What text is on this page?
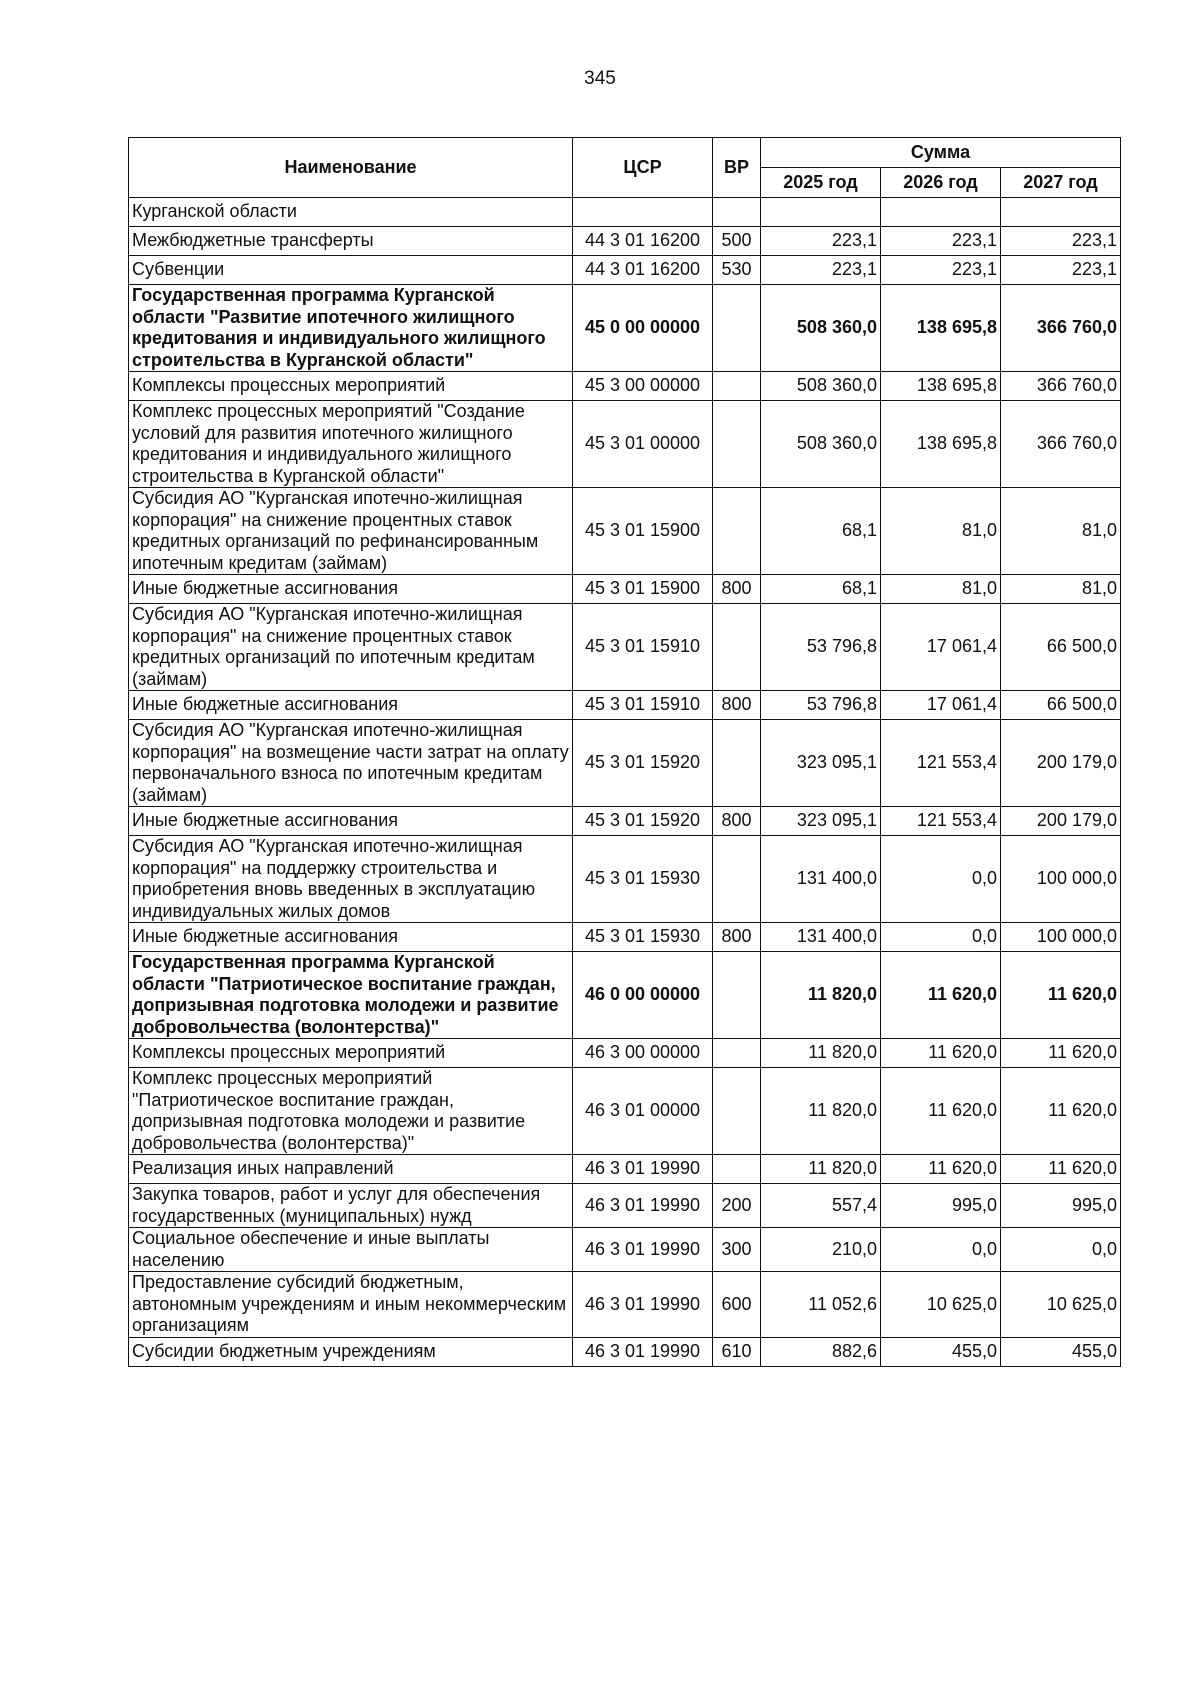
345
Наименование	ЦСР	ВР	Сумма		
			2025 год	2026 год	2027 год
Курганской области					
Межбюджетные трансферты	44 3 01 16200	500	223,1	223,1	223,1
Субвенции	44 3 01 16200	530	223,1	223,1	223,1
Государственная программа Курганской области "Развитие ипотечного жилищного кредитования и индивидуального жилищного строительства в Курганской области"	45 0 00 00000		508 360,0	138 695,8	366 760,0
Комплексы процессных мероприятий	45 3 00 00000		508 360,0	138 695,8	366 760,0
Комплекс процессных мероприятий "Создание условий для развития ипотечного жилищного кредитования и индивидуального жилищного строительства в Курганской области"	45 3 01 00000		508 360,0	138 695,8	366 760,0
Субсидия АО "Курганская ипотечно-жилищная корпорация" на снижение процентных ставок кредитных организаций по рефинансированным ипотечным кредитам (займам)	45 3 01 15900		68,1	81,0	81,0
Иные бюджетные ассигнования	45 3 01 15900	800	68,1	81,0	81,0
Субсидия АО "Курганская ипотечно-жилищная корпорация" на снижение процентных ставок кредитных организаций по ипотечным кредитам (займам)	45 3 01 15910		53 796,8	17 061,4	66 500,0
Иные бюджетные ассигнования	45 3 01 15910	800	53 796,8	17 061,4	66 500,0
Субсидия АО "Курганская ипотечно-жилищная корпорация" на возмещение части затрат на оплату первоначального взноса по ипотечным кредитам (займам)	45 3 01 15920		323 095,1	121 553,4	200 179,0
Иные бюджетные ассигнования	45 3 01 15920	800	323 095,1	121 553,4	200 179,0
Субсидия АО "Курганская ипотечно-жилищная корпорация" на поддержку строительства и приобретения вновь введенных в эксплуатацию индивидуальных жилых домов	45 3 01 15930		131 400,0	0,0	100 000,0
Иные бюджетные ассигнования	45 3 01 15930	800	131 400,0	0,0	100 000,0
Государственная программа Курганской области "Патриотическое воспитание граждан, допризывная подготовка молодежи и развитие добровольчества (волонтерства)"	46 0 00 00000		11 820,0	11 620,0	11 620,0
Комплексы процессных мероприятий	46 3 00 00000		11 820,0	11 620,0	11 620,0
Комплекс процессных мероприятий "Патриотическое воспитание граждан, допризывная подготовка молодежи и развитие добровольчества (волонтерства)"	46 3 01 00000		11 820,0	11 620,0	11 620,0
Реализация иных направлений	46 3 01 19990		11 820,0	11 620,0	11 620,0
Закупка товаров, работ и услуг для обеспечения государственных (муниципальных) нужд	46 3 01 19990	200	557,4	995,0	995,0
Социальное обеспечение и иные выплаты населению	46 3 01 19990	300	210,0	0,0	0,0
Предоставление субсидий бюджетным, автономным учреждениям и иным некоммерческим организациям	46 3 01 19990	600	11 052,6	10 625,0	10 625,0
Субсидии бюджетным учреждениям	46 3 01 19990	610	882,6	455,0	455,0
